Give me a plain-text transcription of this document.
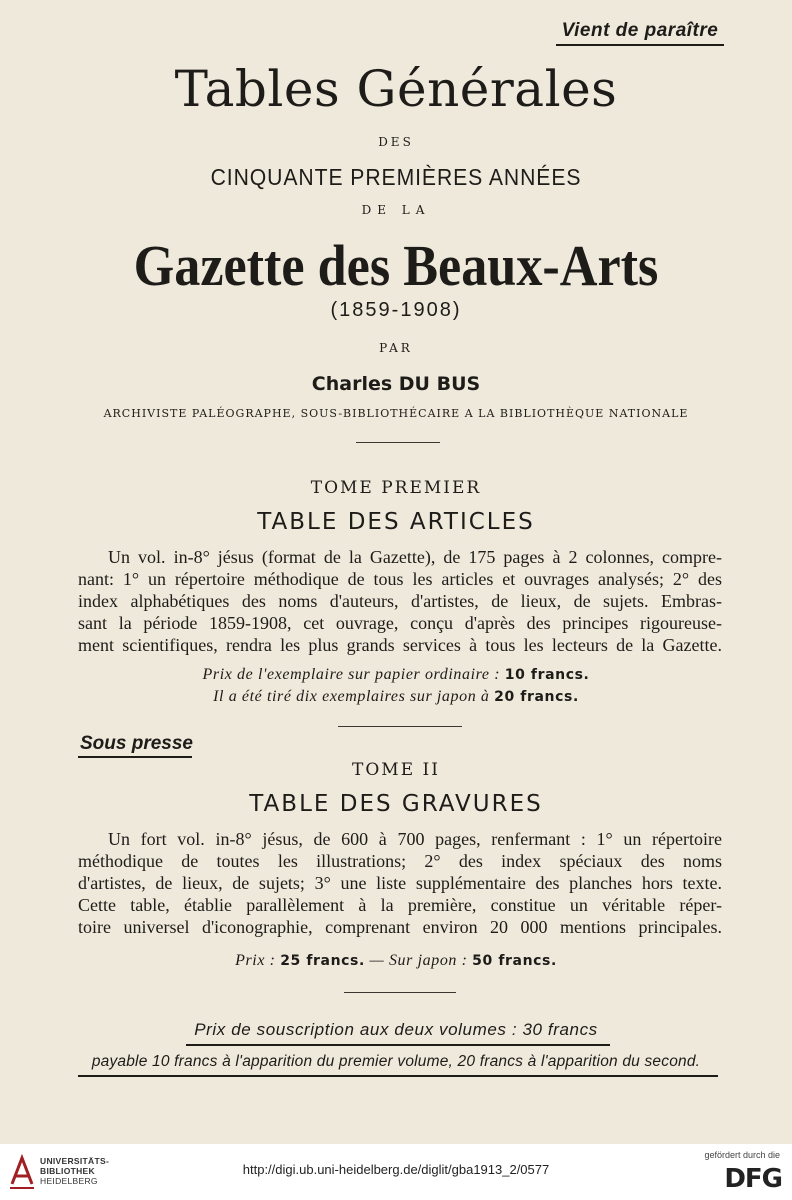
Vient de paraître
Tables Générales
DES
CINQUANTE PREMIÈRES ANNÉES
DE LA
Gazette des Beaux-Arts
(1859-1908)
PAR
Charles DU BUS
ARCHIVISTE PALÉOGRAPHE, SOUS-BIBLIOTHÉCAIRE A LA BIBLIOTHÈQUE NATIONALE
TOME PREMIER
TABLE DES ARTICLES

Un vol. in-8° jésus (format de la Gazette), de 175 pages à 2 colonnes, compre-

nant: 1° un répertoire méthodique de tous les articles et ouvrages analysés; 2° des

index alphabétiques des noms d'auteurs, d'artistes, de lieux, de sujets. Embras-

sant la période 1859-1908, cet ouvrage, conçu d'après des principes rigoureuse-

ment scientifiques, rendra les plus grands services à tous les lecteurs de la Gazette.

Prix de l'exemplaire sur papier ordinaire : 10 francs.
Il a été tiré dix exemplaires sur japon à 20 francs.
Sous presse
TOME II
TABLE DES GRAVURES

Un fort vol. in-8° jésus, de 600 à 700 pages, renfermant : 1° un répertoire

méthodique de toutes les illustrations; 2° des index spéciaux des noms

d'artistes, de lieux, de sujets; 3° une liste supplémentaire des planches hors texte.

Cette table, établie parallèlement à la première, constitue un véritable réper-

toire universel d'iconographie, comprenant environ 20 000 mentions principales.

Prix : 25 francs. — Sur japon : 50 francs.
Prix de souscription aux deux volumes : 30 francs
payable 10 francs à l'apparition du premier volume, 20 francs à l'apparition du second.
UNIVERSITÄTS-
BIBLIOTHEK
HEIDELBERG
http://digi.ub.uni-heidelberg.de/diglit/gba1913_2/0577
gefördert durch die
DFG
